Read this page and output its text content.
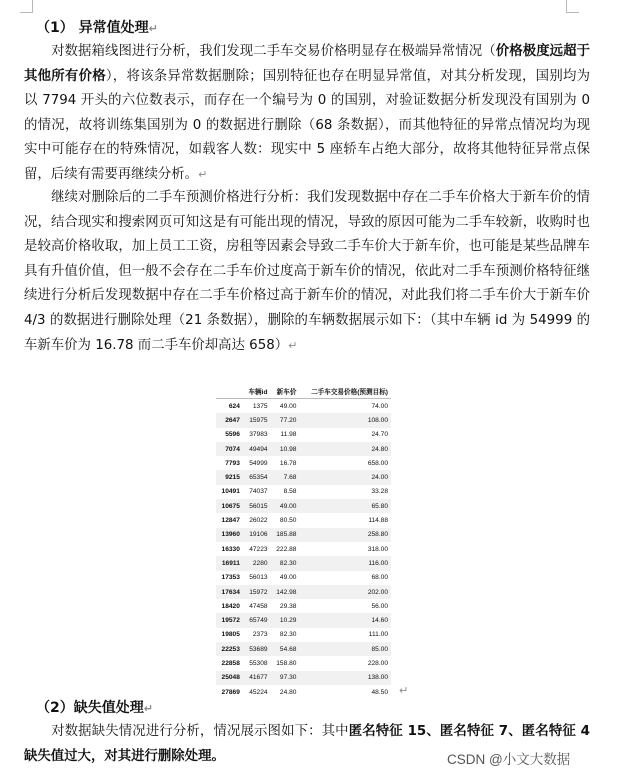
（1） 异常值处理↵
对数据箱线图进行分析，我们发现二手车交易价格明显存在极端异常情况（价格极度远超于其他所有价格），将该条异常数据删除；国别特征也存在明显异常值，对其分析发现，国别均为以 7794 开头的六位数表示，而存在一个编号为 0 的国别，对验证数据分析发现没有国别为 0 的情况，故将训练集国别为 0 的数据进行删除（68 条数据），而其他特征的异常点情况均为现实中可能存在的特殊情况，如载客人数：现实中 5 座轿车占绝大部分，故将其他特征异常点保留，后续有需要再继续分析。↵
继续对删除后的二手车预测价格进行分析：我们发现数据中存在二手车价格大于新车价的情况，结合现实和搜索网页可知这是有可能出现的情况，导致的原因可能为二手车较新，收购时也是较高价格收取，加上员工工资，房租等因素会导致二手车价大于新车价，也可能是某些品牌车具有升值价值，但一般不会存在二手车价过度高于新车价的情况，依此对二手车预测价格特征继续进行分析后发现数据中存在二手车价格过高于新车价的情况，对此我们将二手车价大于新车价 4/3 的数据进行删除处理（21 条数据），删除的车辆数据展示如下：（其中车辆 id 为 54999 的车新车价为 16.78 而二手车价却高达 658）↵
	车辆id	新车价	二手车交易价格(预测目标)
624	1375	49.00	74.00
2647	15975	77.20	108.00
5596	37983	11.98	24.70
7074	49494	10.98	24.80
7793	54999	16.78	658.00
9215	65354	7.68	24.00
10491	74037	8.58	33.28
10675	56015	49.00	65.80
12847	26022	80.50	114.88
13960	19106	185.88	258.80
16330	47223	222.88	318.00
16911	2280	82.30	116.00
17353	56013	49.00	68.00
17634	15972	142.98	202.00
18420	47458	29.38	56.00
19572	65749	10.29	14.60
19805	2373	82.30	111.00
22253	53689	54.68	85.00
22858	55308	158.80	228.00
25048	41677	97.30	138.00
27869	45224	24.80	48.50 ↵
（2）缺失值处理↵
对数据缺失情况进行分析，情况展示图如下：其中匿名特征 15、匿名特征 7、匿名特征 4 缺失值过大，对其进行删除处理。	CSDN @小文大数据
